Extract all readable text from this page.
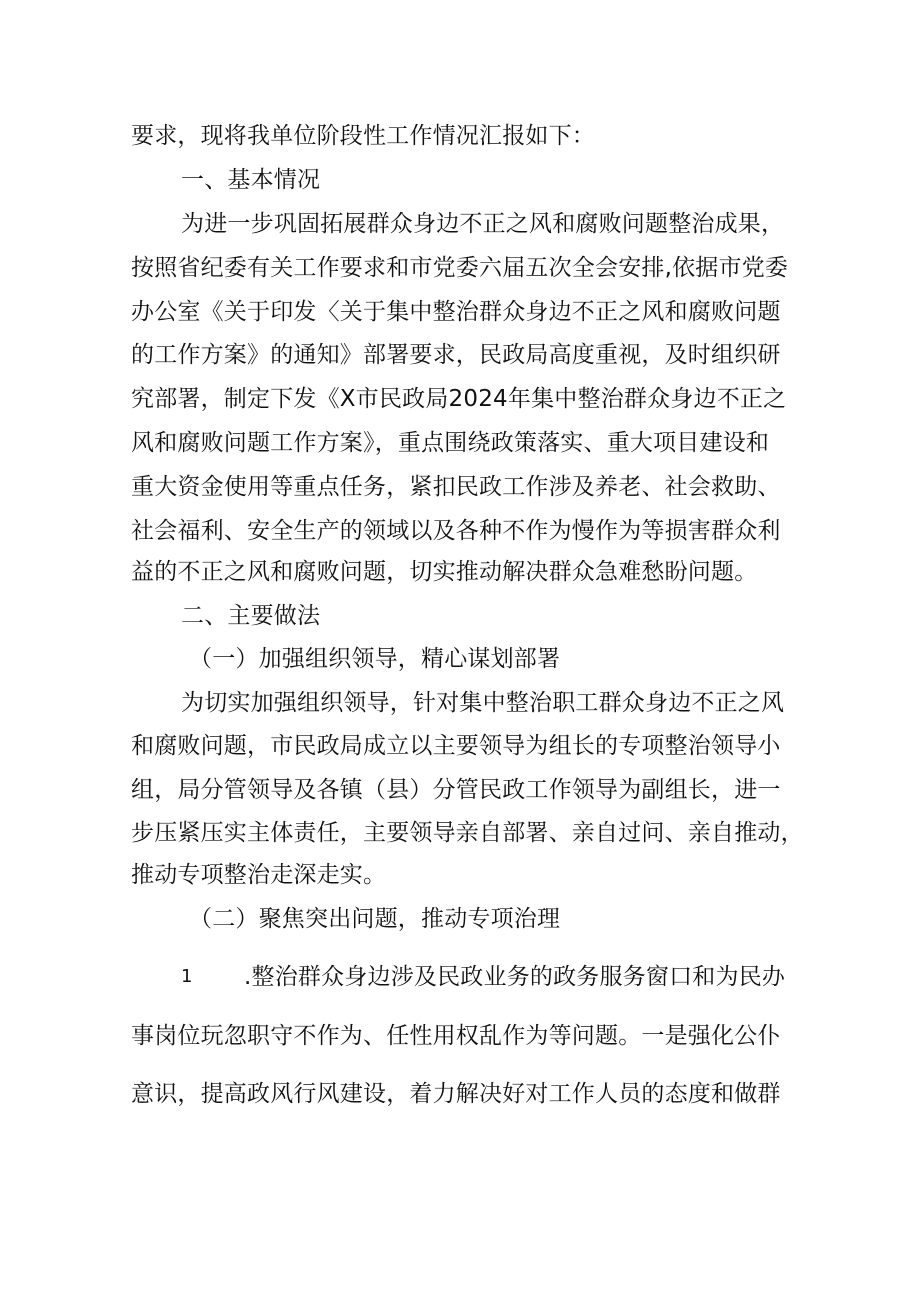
要求，现将我单位阶段性工作情况汇报如下：
一、基本情况
为进一步巩固拓展群众身边不正之风和腐败问题整治成果，
按照省纪委有关工作要求和市党委六届五次全会安排,依据市党委
办公室《关于印发〈关于集中整治群众身边不正之风和腐败问题
的工作方案》的通知》部署要求，民政局高度重视，及时组织研
究部署，制定下发《X市民政局2024年集中整治群众身边不正之
风和腐败问题工作方案》，重点围绕政策落实、重大项目建设和
重大资金使用等重点任务，紧扣民政工作涉及养老、社会救助、
社会福利、安全生产的领域以及各种不作为慢作为等损害群众利
益的不正之风和腐败问题，切实推动解决群众急难愁盼问题。
二、主要做法
（一）加强组织领导，精心谋划部署
为切实加强组织领导，针对集中整治职工群众身边不正之风
和腐败问题，市民政局成立以主要领导为组长的专项整治领导小
组，局分管领导及各镇（县）分管民政工作领导为副组长，进一
步压紧压实主体责任，主要领导亲自部署、亲自过问、亲自推动，
推动专项整治走深走实。
（二）聚焦突出问题，推动专项治理
1 .整治群众身边涉及民政业务的政务服务窗口和为民办
事岗位玩忽职守不作为、任性用权乱作为等问题。一是强化公仆
意识，提高政风行风建设，着力解决好对工作人员的态度和做群
